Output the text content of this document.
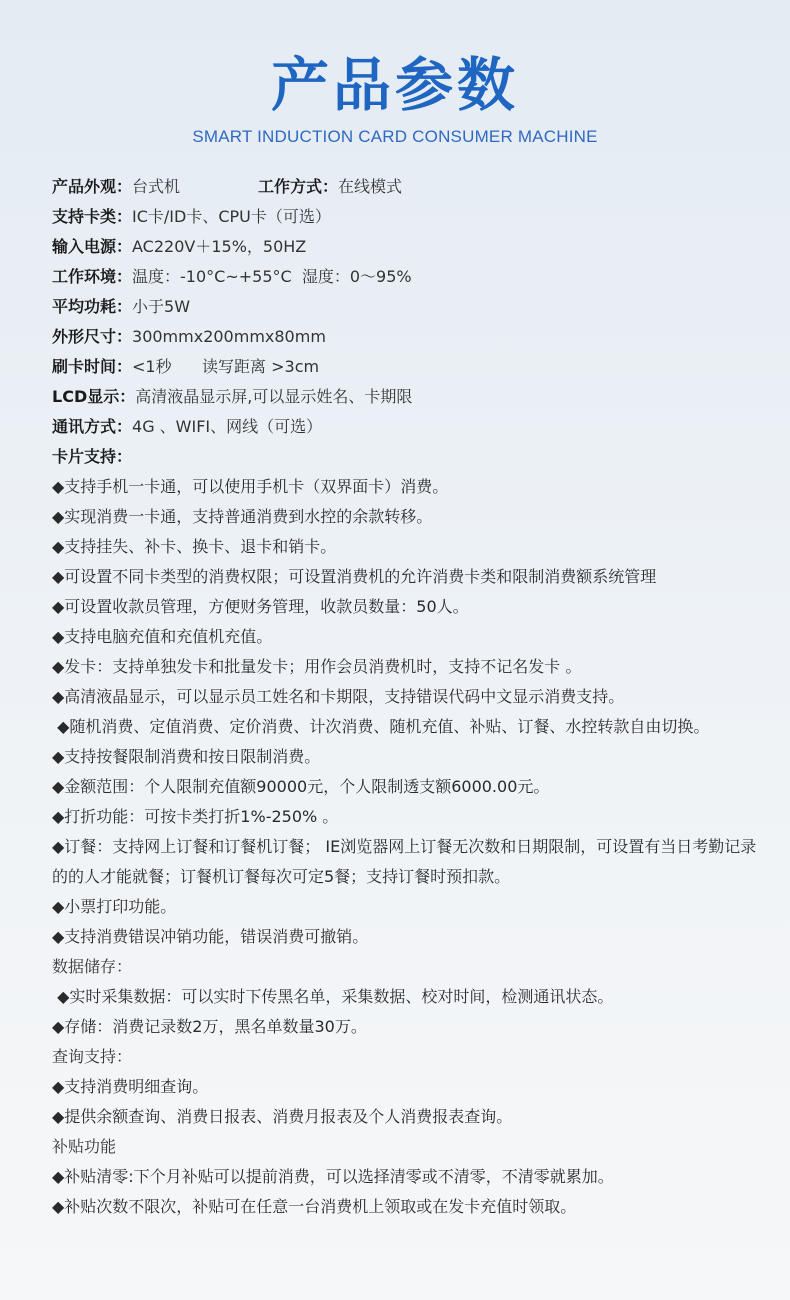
产品参数
SMART INDUCTION CARD CONSUMER MACHINE
产品外观：台式机	工作方式：在线模式
支持卡类：IC卡/ID卡、CPU卡（可选）
输入电源：AC220V＋15%，50HZ
工作环境：温度：-10°C~+55°C  湿度：0～95%
平均功耗：小于5W
外形尺寸：300mmx200mmx80mm
刷卡时间：<1秒 读写距离 >3cm
LCD显示：高清液晶显示屏,可以显示姓名、卡期限
通讯方式：4G 、WIFI、网线（可选）
卡片支持：
◆支持手机一卡通，可以使用手机卡（双界面卡）消费。
◆实现消费一卡通，支持普通消费到水控的余款转移。
◆支持挂失、补卡、换卡、退卡和销卡。
◆可设置不同卡类型的消费权限；可设置消费机的允许消费卡类和限制消费额系统管理
◆可设置收款员管理，方便财务管理，收款员数量：50人。
◆支持电脑充值和充值机充值。
◆发卡：支持单独发卡和批量发卡；用作会员消费机时，支持不记名发卡 。
◆高清液晶显示，可以显示员工姓名和卡期限，支持错误代码中文显示消费支持。
◆随机消费、定值消费、定价消费、计次消费、随机充值、补贴、订餐、水控转款自由切换。
◆支持按餐限制消费和按日限制消费。
◆金额范围：个人限制充值额90000元，个人限制透支额6000.00元。
◆打折功能：可按卡类打折1%-250% 。
◆订餐：支持网上订餐和订餐机订餐； IE浏览器网上订餐无次数和日期限制，可设置有当日考勤记录的的人才能就餐；订餐机订餐每次可定5餐；支持订餐时预扣款。
◆小票打印功能。
◆支持消费错误冲销功能，错误消费可撤销。
数据储存：
◆实时采集数据：可以实时下传黑名单，采集数据、校对时间，检测通讯状态。
◆存储：消费记录数2万，黑名单数量30万。
查询支持：
◆支持消费明细查询。
◆提供余额查询、消费日报表、消费月报表及个人消费报表查询。
补贴功能
◆补贴清零:下个月补贴可以提前消费，可以选择清零或不清零，不清零就累加。
◆补贴次数不限次，补贴可在任意一台消费机上领取或在发卡充值时领取。
